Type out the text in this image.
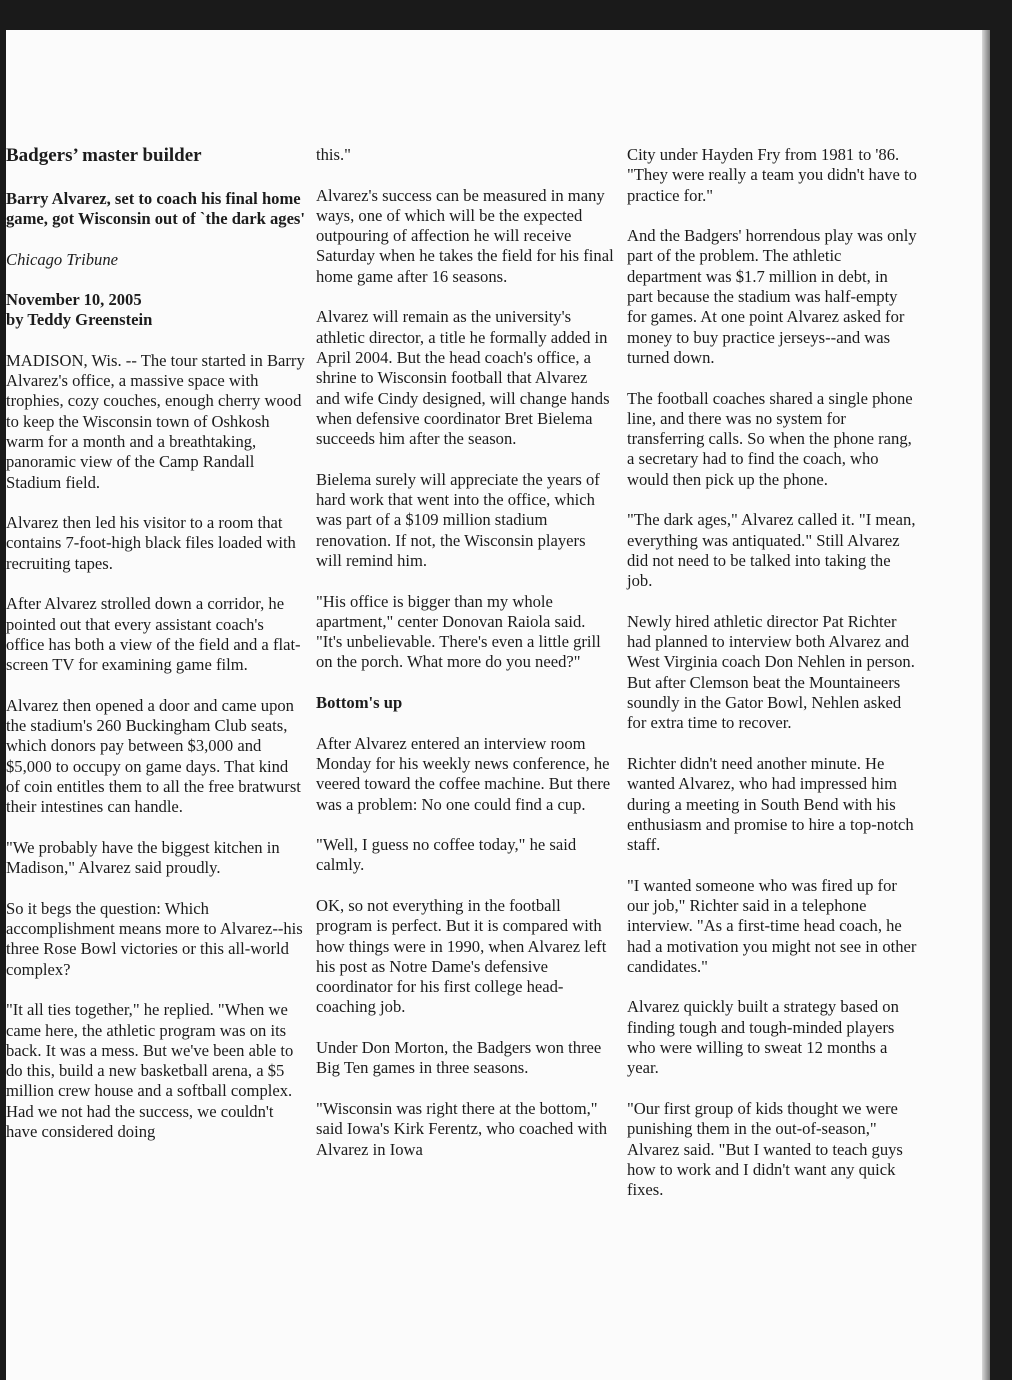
Badgers’ master builder
Barry Alvarez, set to coach his final home game, got Wisconsin out of `the dark ages'
Chicago Tribune
November 10, 2005
by Teddy Greenstein

MADISON, Wis. -- The tour started in Barry Alvarez's office, a massive space with trophies, cozy couches, enough cherry wood to keep the Wisconsin town of Oshkosh warm for a month and a breathtaking, panoramic view of the Camp Randall Stadium field.

Alvarez then led his visitor to a room that contains 7-foot-high black files loaded with recruiting tapes.

After Alvarez strolled down a corridor, he pointed out that every assistant coach's office has both a view of the field and a flat-screen TV for examining game film.

Alvarez then opened a door and came upon the stadium's 260 Buckingham Club seats, which donors pay between $3,000 and $5,000 to occupy on game days. That kind of coin entitles them to all the free bratwurst their intestines can handle.

"We probably have the biggest kitchen in Madison," Alvarez said proudly.

So it begs the question: Which accomplishment means more to Alvarez--his three Rose Bowl victories or this all-world complex?

"It all ties together," he replied. "When we came here, the athletic program was on its back. It was a mess. But we've been able to do this, build a new basketball arena, a $5 million crew house and a softball complex. Had we not had the success, we couldn't have considered doing

this."

Alvarez's success can be measured in many ways, one of which will be the expected outpouring of affection he will receive Saturday when he takes the field for his final home game after 16 seasons.

Alvarez will remain as the university's athletic director, a title he formally added in April 2004. But the head coach's office, a shrine to Wisconsin football that Alvarez and wife Cindy designed, will change hands when defensive coordinator Bret Bielema succeeds him after the season.

Bielema surely will appreciate the years of hard work that went into the office, which was part of a $109 million stadium renovation. If not, the Wisconsin players will remind him.

"His office is bigger than my whole apartment," center Donovan Raiola said. "It's unbelievable. There's even a little grill on the porch. What more do you need?"

Bottom's up

After Alvarez entered an interview room Monday for his weekly news conference, he veered toward the coffee machine. But there was a problem: No one could find a cup.

"Well, I guess no coffee today," he said calmly.

OK, so not everything in the football program is perfect. But it is compared with how things were in 1990, when Alvarez left his post as Notre Dame's defensive coordinator for his first college head-coaching job.

Under Don Morton, the Badgers won three Big Ten games in three seasons.

"Wisconsin was right there at the bottom," said Iowa's Kirk Ferentz, who coached with Alvarez in Iowa

City under Hayden Fry from 1981 to '86. "They were really a team you didn't have to practice for."

And the Badgers' horrendous play was only part of the problem. The athletic department was $1.7 million in debt, in part because the stadium was half-empty for games. At one point Alvarez asked for money to buy practice jerseys--and was turned down.

The football coaches shared a single phone line, and there was no system for transferring calls. So when the phone rang, a secretary had to find the coach, who would then pick up the phone.

"The dark ages," Alvarez called it. "I mean, everything was antiquated." Still Alvarez did not need to be talked into taking the job.

Newly hired athletic director Pat Richter had planned to interview both Alvarez and West Virginia coach Don Nehlen in person. But after Clemson beat the Mountaineers soundly in the Gator Bowl, Nehlen asked for extra time to recover.

Richter didn't need another minute. He wanted Alvarez, who had impressed him during a meeting in South Bend with his enthusiasm and promise to hire a top-notch staff.

"I wanted someone who was fired up for our job," Richter said in a telephone interview. "As a first-time head coach, he had a motivation you might not see in other candidates."

Alvarez quickly built a strategy based on finding tough and tough-minded players who were willing to sweat 12 months a year.

"Our first group of kids thought we were punishing them in the out-of-season," Alvarez said. "But I wanted to teach guys how to work and I didn't want any quick fixes.
